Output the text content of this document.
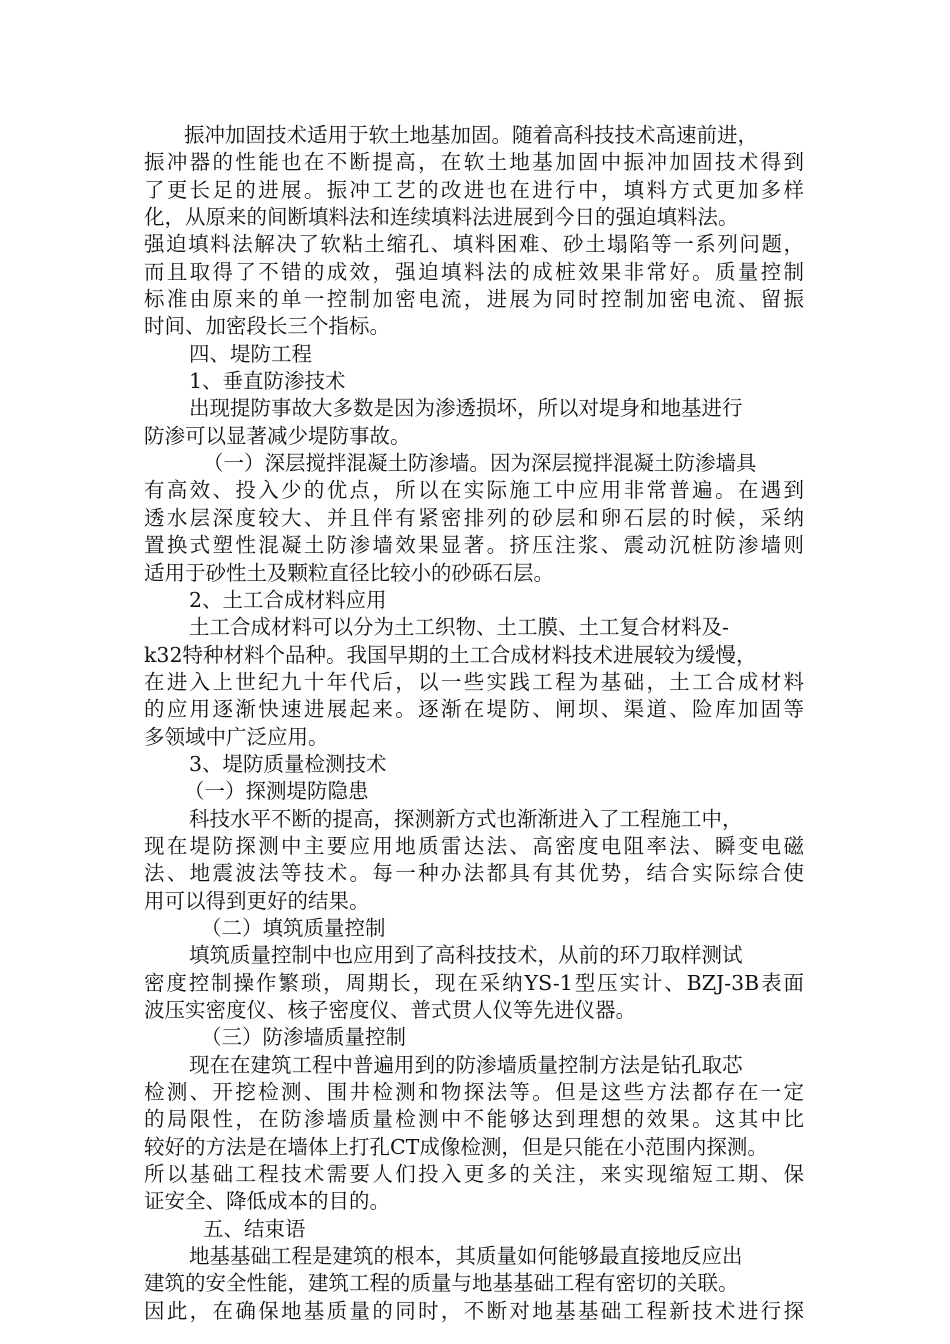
振冲加固技术适用于软土地基加固。随着高科技技术高速前进，
振冲器的性能也在不断提高，在软土地基加固中振冲加固技术得到
了更长足的进展。振冲工艺的改进也在进行中，填料方式更加多样
化，从原来的间断填料法和连续填料法进展到今日的强迫填料法。
强迫填料法解决了软粘土缩孔、填料困难、砂土塌陷等一系列问题，
而且取得了不错的成效，强迫填料法的成桩效果非常好。质量控制
标准由原来的单一控制加密电流，进展为同时控制加密电流、留振
时间、加密段长三个指标。
四、堤防工程
1、垂直防渗技术
出现提防事故大多数是因为渗透损坏，所以对堤身和地基进行
防渗可以显著减少堤防事故。
（一）深层搅拌混凝土防渗墙。因为深层搅拌混凝土防渗墙具
有高效、投入少的优点，所以在实际施工中应用非常普遍。在遇到
透水层深度较大、并且伴有紧密排列的砂层和卵石层的时候，采纳
置换式塑性混凝土防渗墙效果显著。挤压注浆、震动沉桩防渗墙则
适用于砂性土及颗粒直径比较小的砂砾石层。
2、土工合成材料应用
土工合成材料可以分为土工织物、土工膜、土工复合材料及-
k32特种材料个品种。我国早期的土工合成材料技术进展较为缓慢，
在进入上世纪九十年代后，以一些实践工程为基础，土工合成材料
的应用逐渐快速进展起来。逐渐在堤防、闸坝、渠道、险库加固等
多领域中广泛应用。
3、堤防质量检测技术
（一）探测堤防隐患
科技水平不断的提高，探测新方式也渐渐进入了工程施工中，
现在堤防探测中主要应用地质雷达法、高密度电阻率法、瞬变电磁
法、地震波法等技术。每一种办法都具有其优势，结合实际综合使
用可以得到更好的结果。
（二）填筑质量控制
填筑质量控制中也应用到了高科技技术，从前的环刀取样测试
密度控制操作繁琐，周期长，现在采纳YS-1型压实计、BZJ-3B表面
波压实密度仪、核子密度仪、普式贯人仪等先进仪器。
（三）防渗墙质量控制
现在在建筑工程中普遍用到的防渗墙质量控制方法是钻孔取芯
检测、开挖检测、围井检测和物探法等。但是这些方法都存在一定
的局限性，在防渗墙质量检测中不能够达到理想的效果。这其中比
较好的方法是在墙体上打孔CT成像检测，但是只能在小范围内探测。
所以基础工程技术需要人们投入更多的关注，来实现缩短工期、保
证安全、降低成本的目的。
五、结束语
地基基础工程是建筑的根本，其质量如何能够最直接地反应出
建筑的安全性能，建筑工程的质量与地基基础工程有密切的关联。
因此，在确保地基质量的同时，不断对地基基础工程新技术进行探
